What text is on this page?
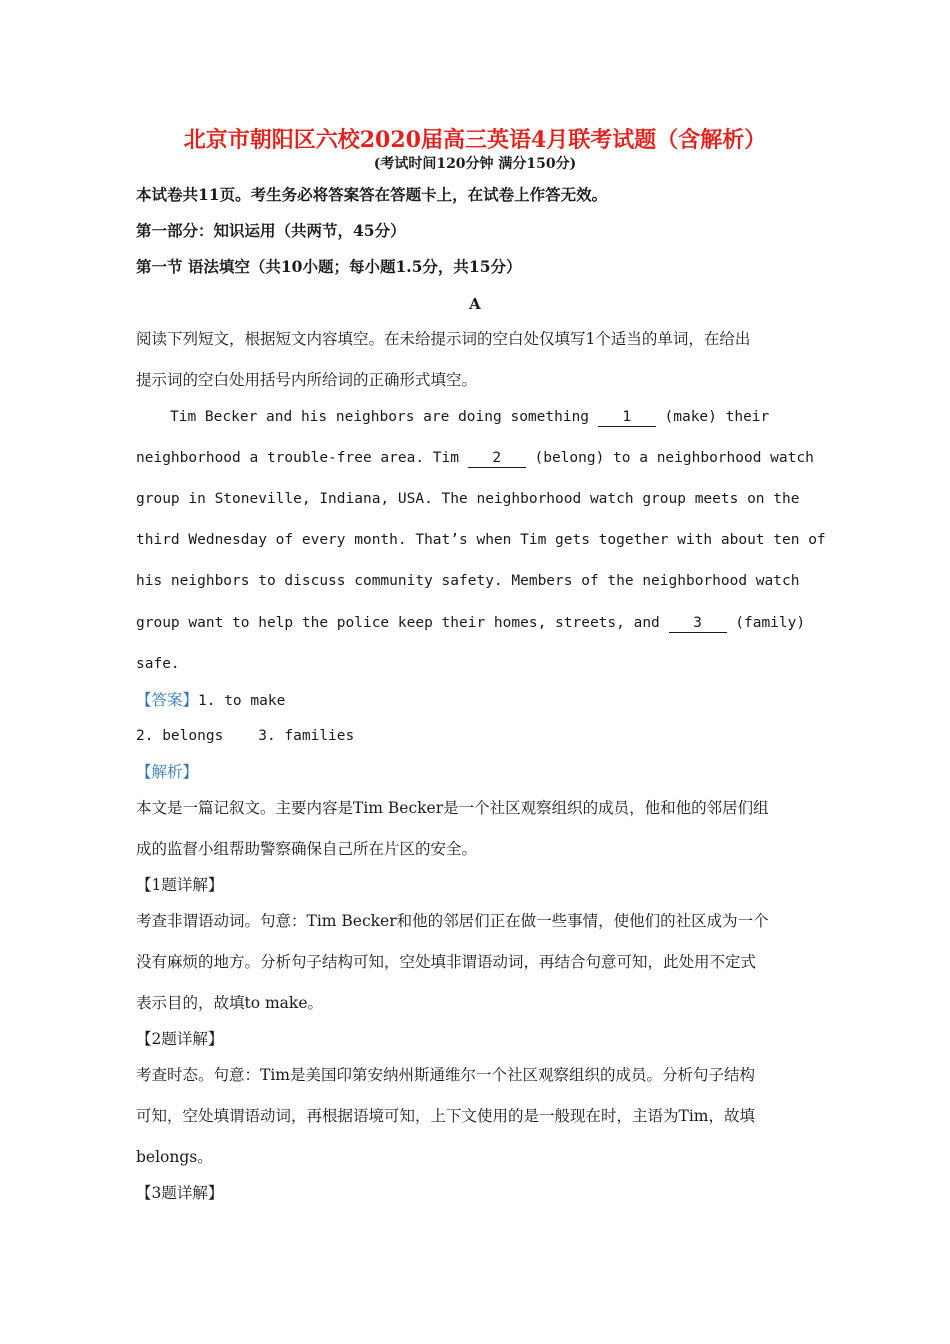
北京市朝阳区六校2020届高三英语4月联考试题（含解析）
(考试时间120分钟 满分150分)
本试卷共11页。考生务必将答案答在答题卡上，在试卷上作答无效。
第一部分：知识运用（共两节，45分）
第一节 语法填空（共10小题；每小题1.5分，共15分）
A
阅读下列短文，根据短文内容填空。在未给提示词的空白处仅填写1个适当的单词，在给出
提示词的空白处用括号内所给词的正确形式填空。
Tim Becker and his neighbors are doing something 1 (make) their
neighborhood a trouble-free area. Tim 2 (belong) to a neighborhood watch
group in Stoneville, Indiana, USA. The neighborhood watch group meets on the
third Wednesday of every month. That’s when Tim gets together with about ten of
his neighbors to discuss community safety. Members of the neighborhood watch
group want to help the police keep their homes, streets, and 3 (family)
safe.
【答案】1. to make
2. belongs    3. families
【解析】
本文是一篇记叙文。主要内容是Tim Becker是一个社区观察组织的成员，他和他的邻居们组
成的监督小组帮助警察确保自己所在片区的安全。
【1题详解】
考查非谓语动词。句意：Tim Becker和他的邻居们正在做一些事情，使他们的社区成为一个
没有麻烦的地方。分析句子结构可知，空处填非谓语动词，再结合句意可知，此处用不定式
表示目的，故填to make。
【2题详解】
考查时态。句意：Tim是美国印第安纳州斯通维尔一个社区观察组织的成员。分析句子结构
可知，空处填谓语动词，再根据语境可知，上下文使用的是一般现在时，主语为Tim，故填
belongs。
【3题详解】
